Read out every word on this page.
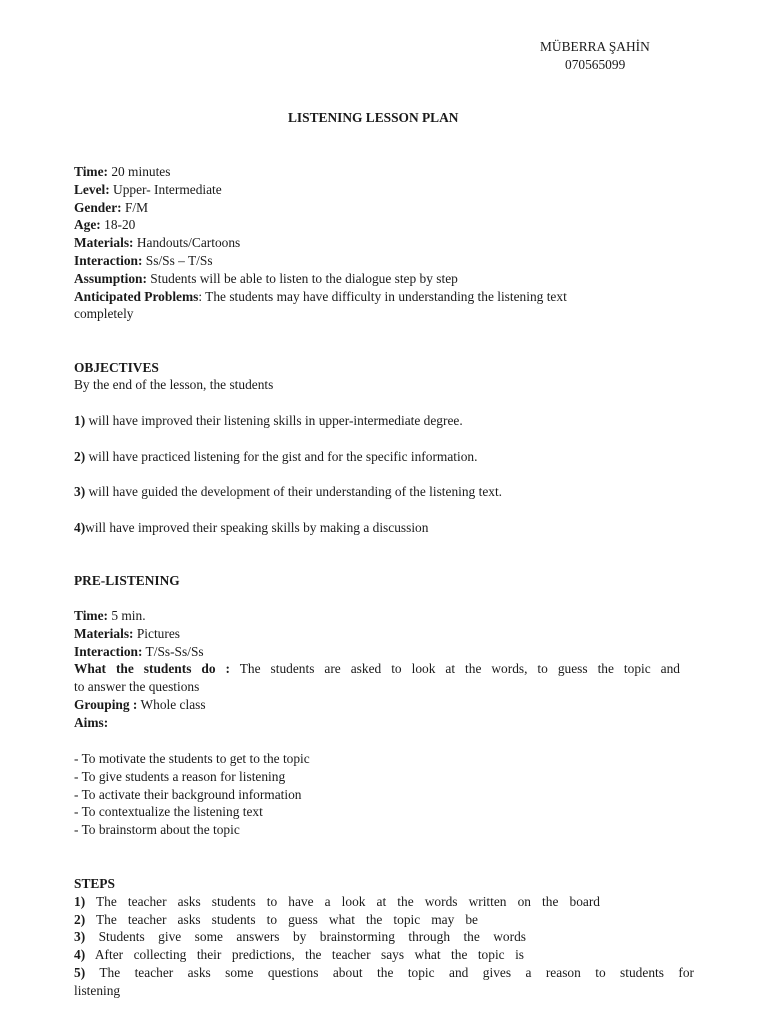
MÜBERRA ŞAHİN
070565099
LISTENING LESSON PLAN
Time: 20 minutes
Level: Upper- Intermediate
Gender: F/M
Age: 18-20
Materials: Handouts/Cartoons
Interaction: Ss/Ss – T/Ss
Assumption: Students will be able to listen to the dialogue step by step
Anticipated Problems: The students may have difficulty in understanding the listening text
completely
OBJECTIVES
By the end of the lesson, the students
1) will have improved their listening skills in upper-intermediate degree.
2) will have practiced listening for the gist and for the specific information.
3) will have guided the development of their understanding of the listening text.
4)will have improved their speaking skills by making a discussion
PRE-LISTENING
Time: 5 min.
Materials: Pictures
Interaction: T/Ss-Ss/Ss
What the students do : The students are asked to look at the words, to guess the topic and
to answer the questions
Grouping : Whole class
Aims:
- To motivate the students to get to the topic
- To give students a reason for listening
- To activate their background information
- To contextualize the listening text
- To brainstorm about the topic
STEPS
1) The teacher asks students to have a look at the words written on the board
2) The teacher asks students to guess what the topic may be
3) Students give some answers by brainstorming through the words
4) After collecting their predictions, the teacher says what the topic is
5) The teacher asks some questions about the topic and gives a reason to students for
listening
